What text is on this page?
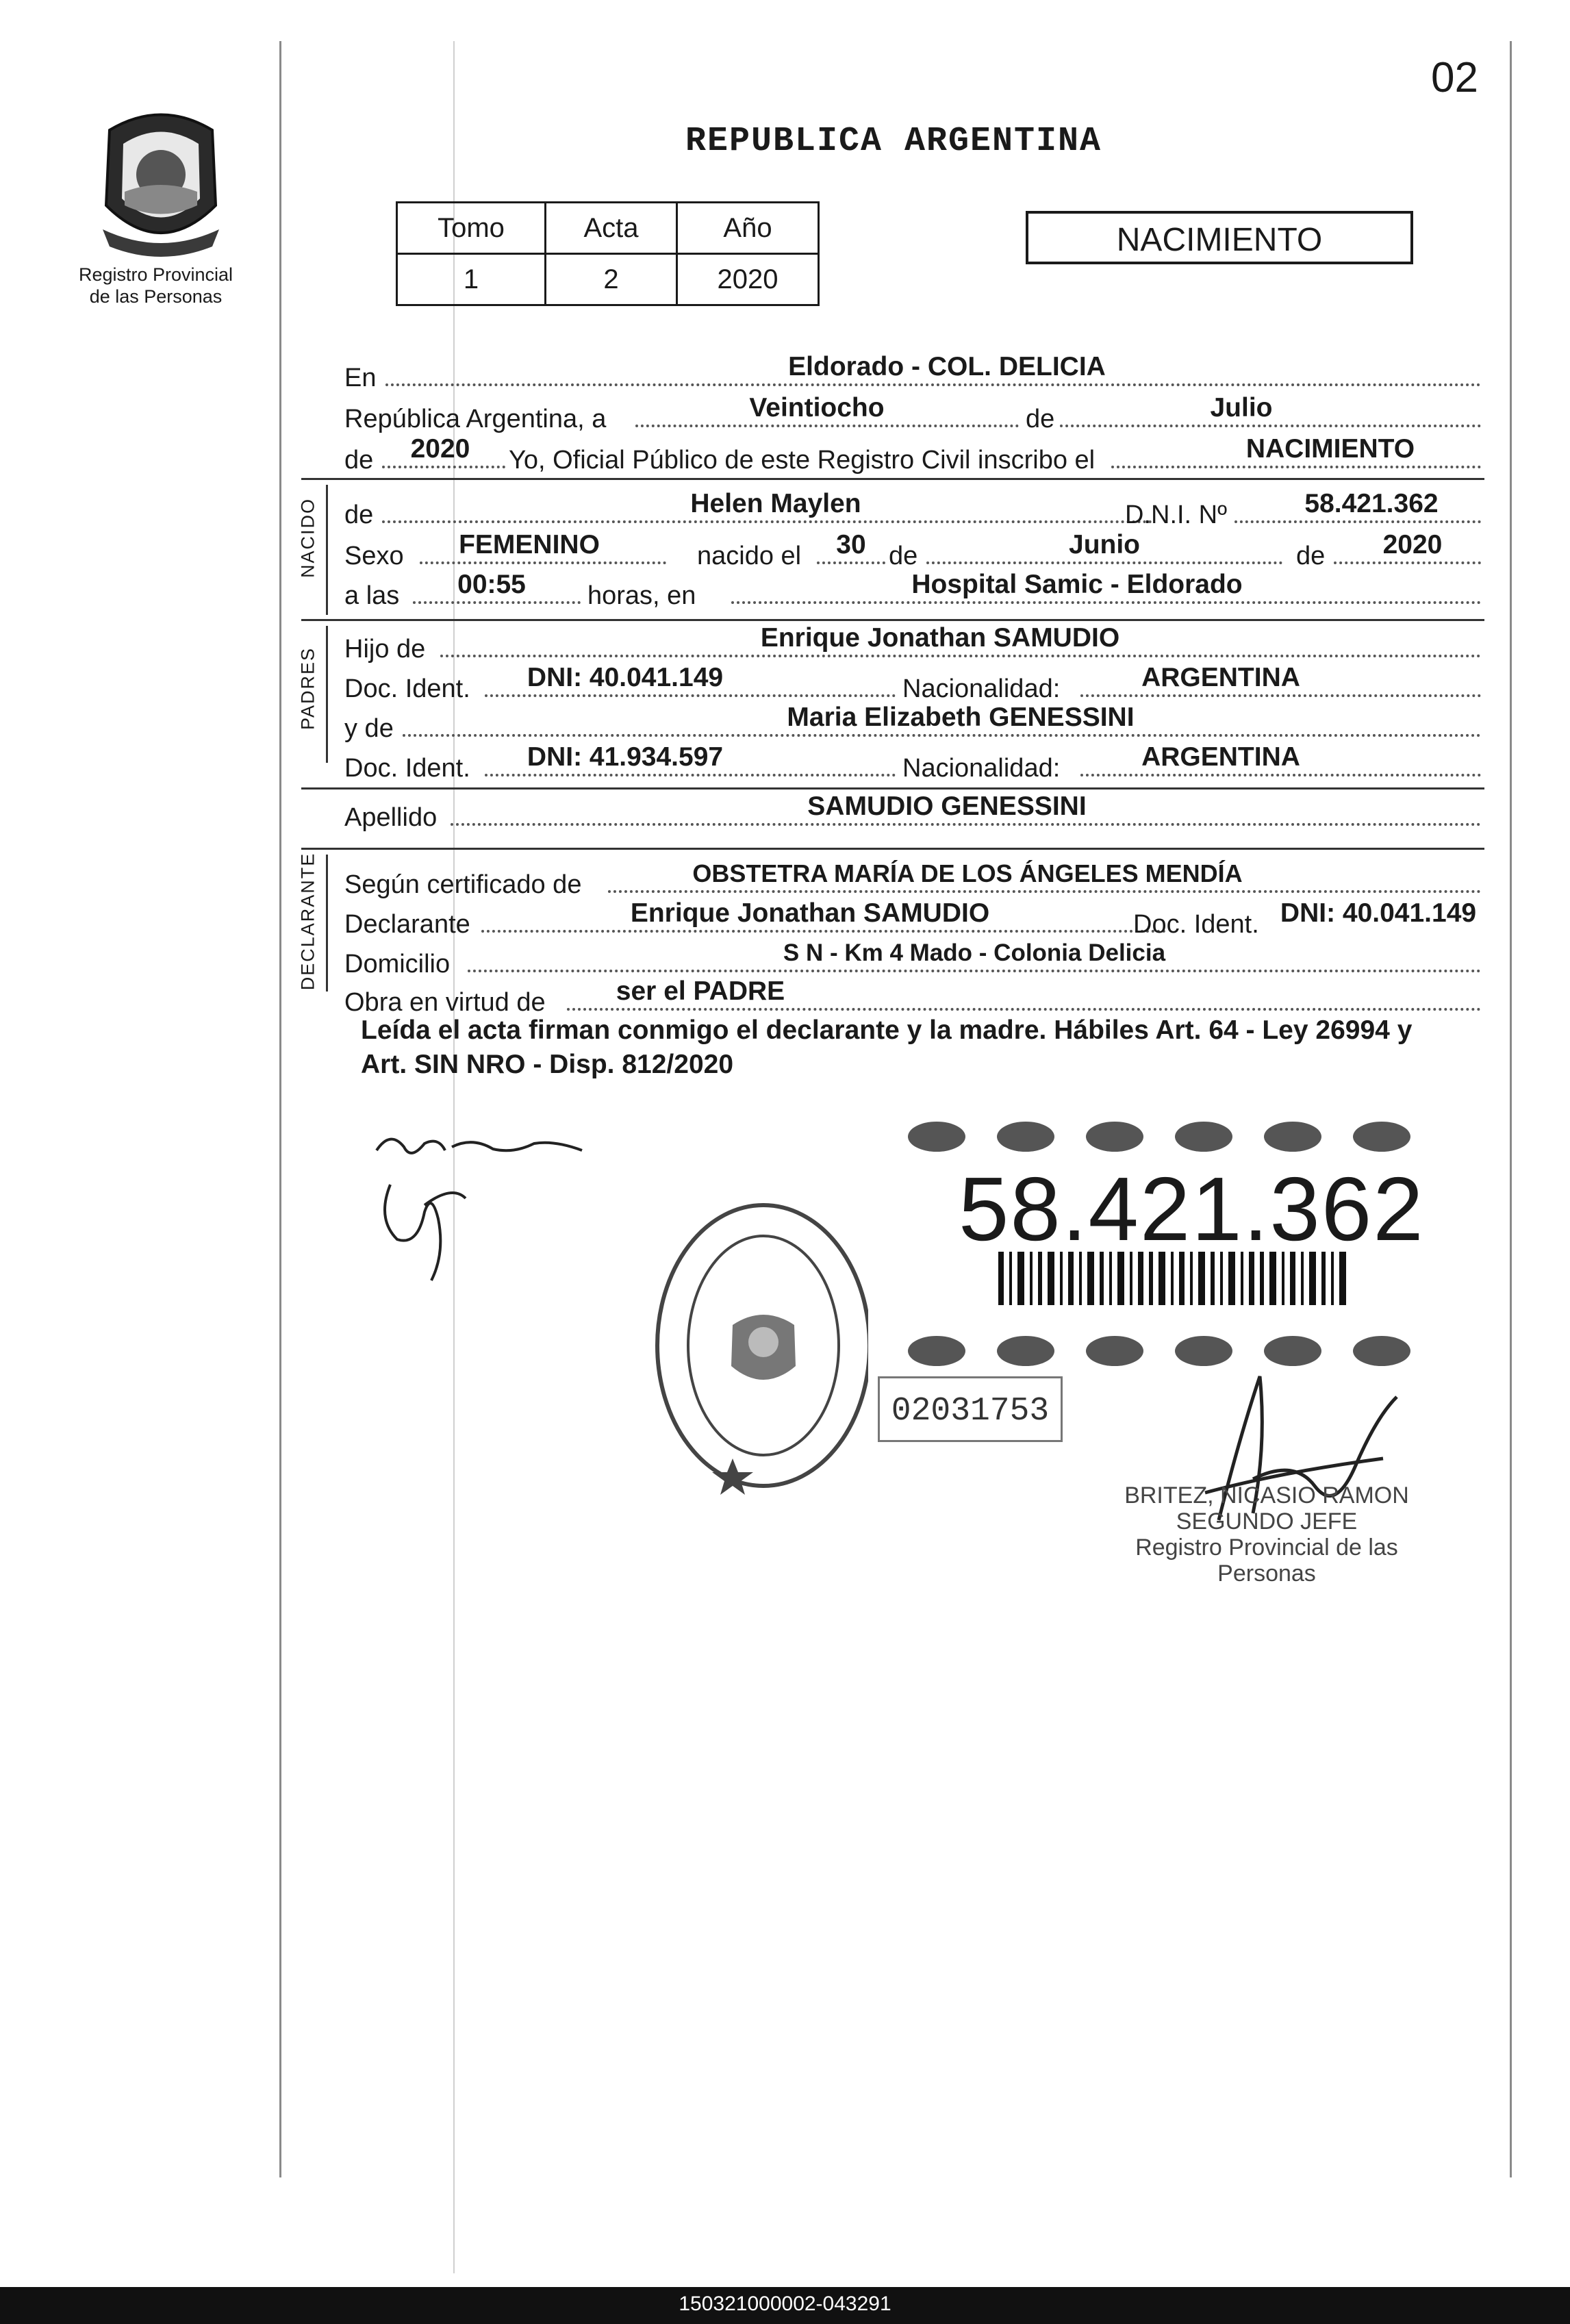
02
Registro Provincial
de las Personas
REPUBLICA ARGENTINA
Tomo	Acta	Año
1	2	2020
NACIMIENTO
En	Eldorado - COL. DELICIA
República Argentina, a	Veintiocho	de	Julio
de	2020	Yo, Oficial Público de este Registro Civil inscribo el	NACIMIENTO
NACIDO de	Helen Maylen	D.N.I. Nº	58.421.362
Sexo	FEMENINO	nacido el	30 de	Junio	de	2020
a las	00:55	horas, en	Hospital Samic - Eldorado
PADRES Hijo de	Enrique Jonathan SAMUDIO
Doc. Ident.	DNI: 40.041.149	Nacionalidad:	ARGENTINA
y de	Maria Elizabeth GENESSINI
Doc. Ident.	DNI: 41.934.597	Nacionalidad:	ARGENTINA
Apellido	SAMUDIO GENESSINI
DECLARANTE Según certificado de	OBSTETRA MARÍA DE LOS ÁNGELES MENDÍA
Declarante	Enrique Jonathan SAMUDIO	Doc. Ident. DNI: 40.041.149
Domicilio	S N - Km 4 Mado - Colonia Delicia
Obra en virtud de	ser el PADRE
Leída el acta firman conmigo el declarante y la madre. Hábiles Art. 64 - Ley 26994 y Art. SIN NRO - Disp. 812/2020
58.421.362
02031753
BRITEZ, NICASIO RAMON
SEGUNDO JEFE
Registro Provincial de las Personas
150321000002-043291
